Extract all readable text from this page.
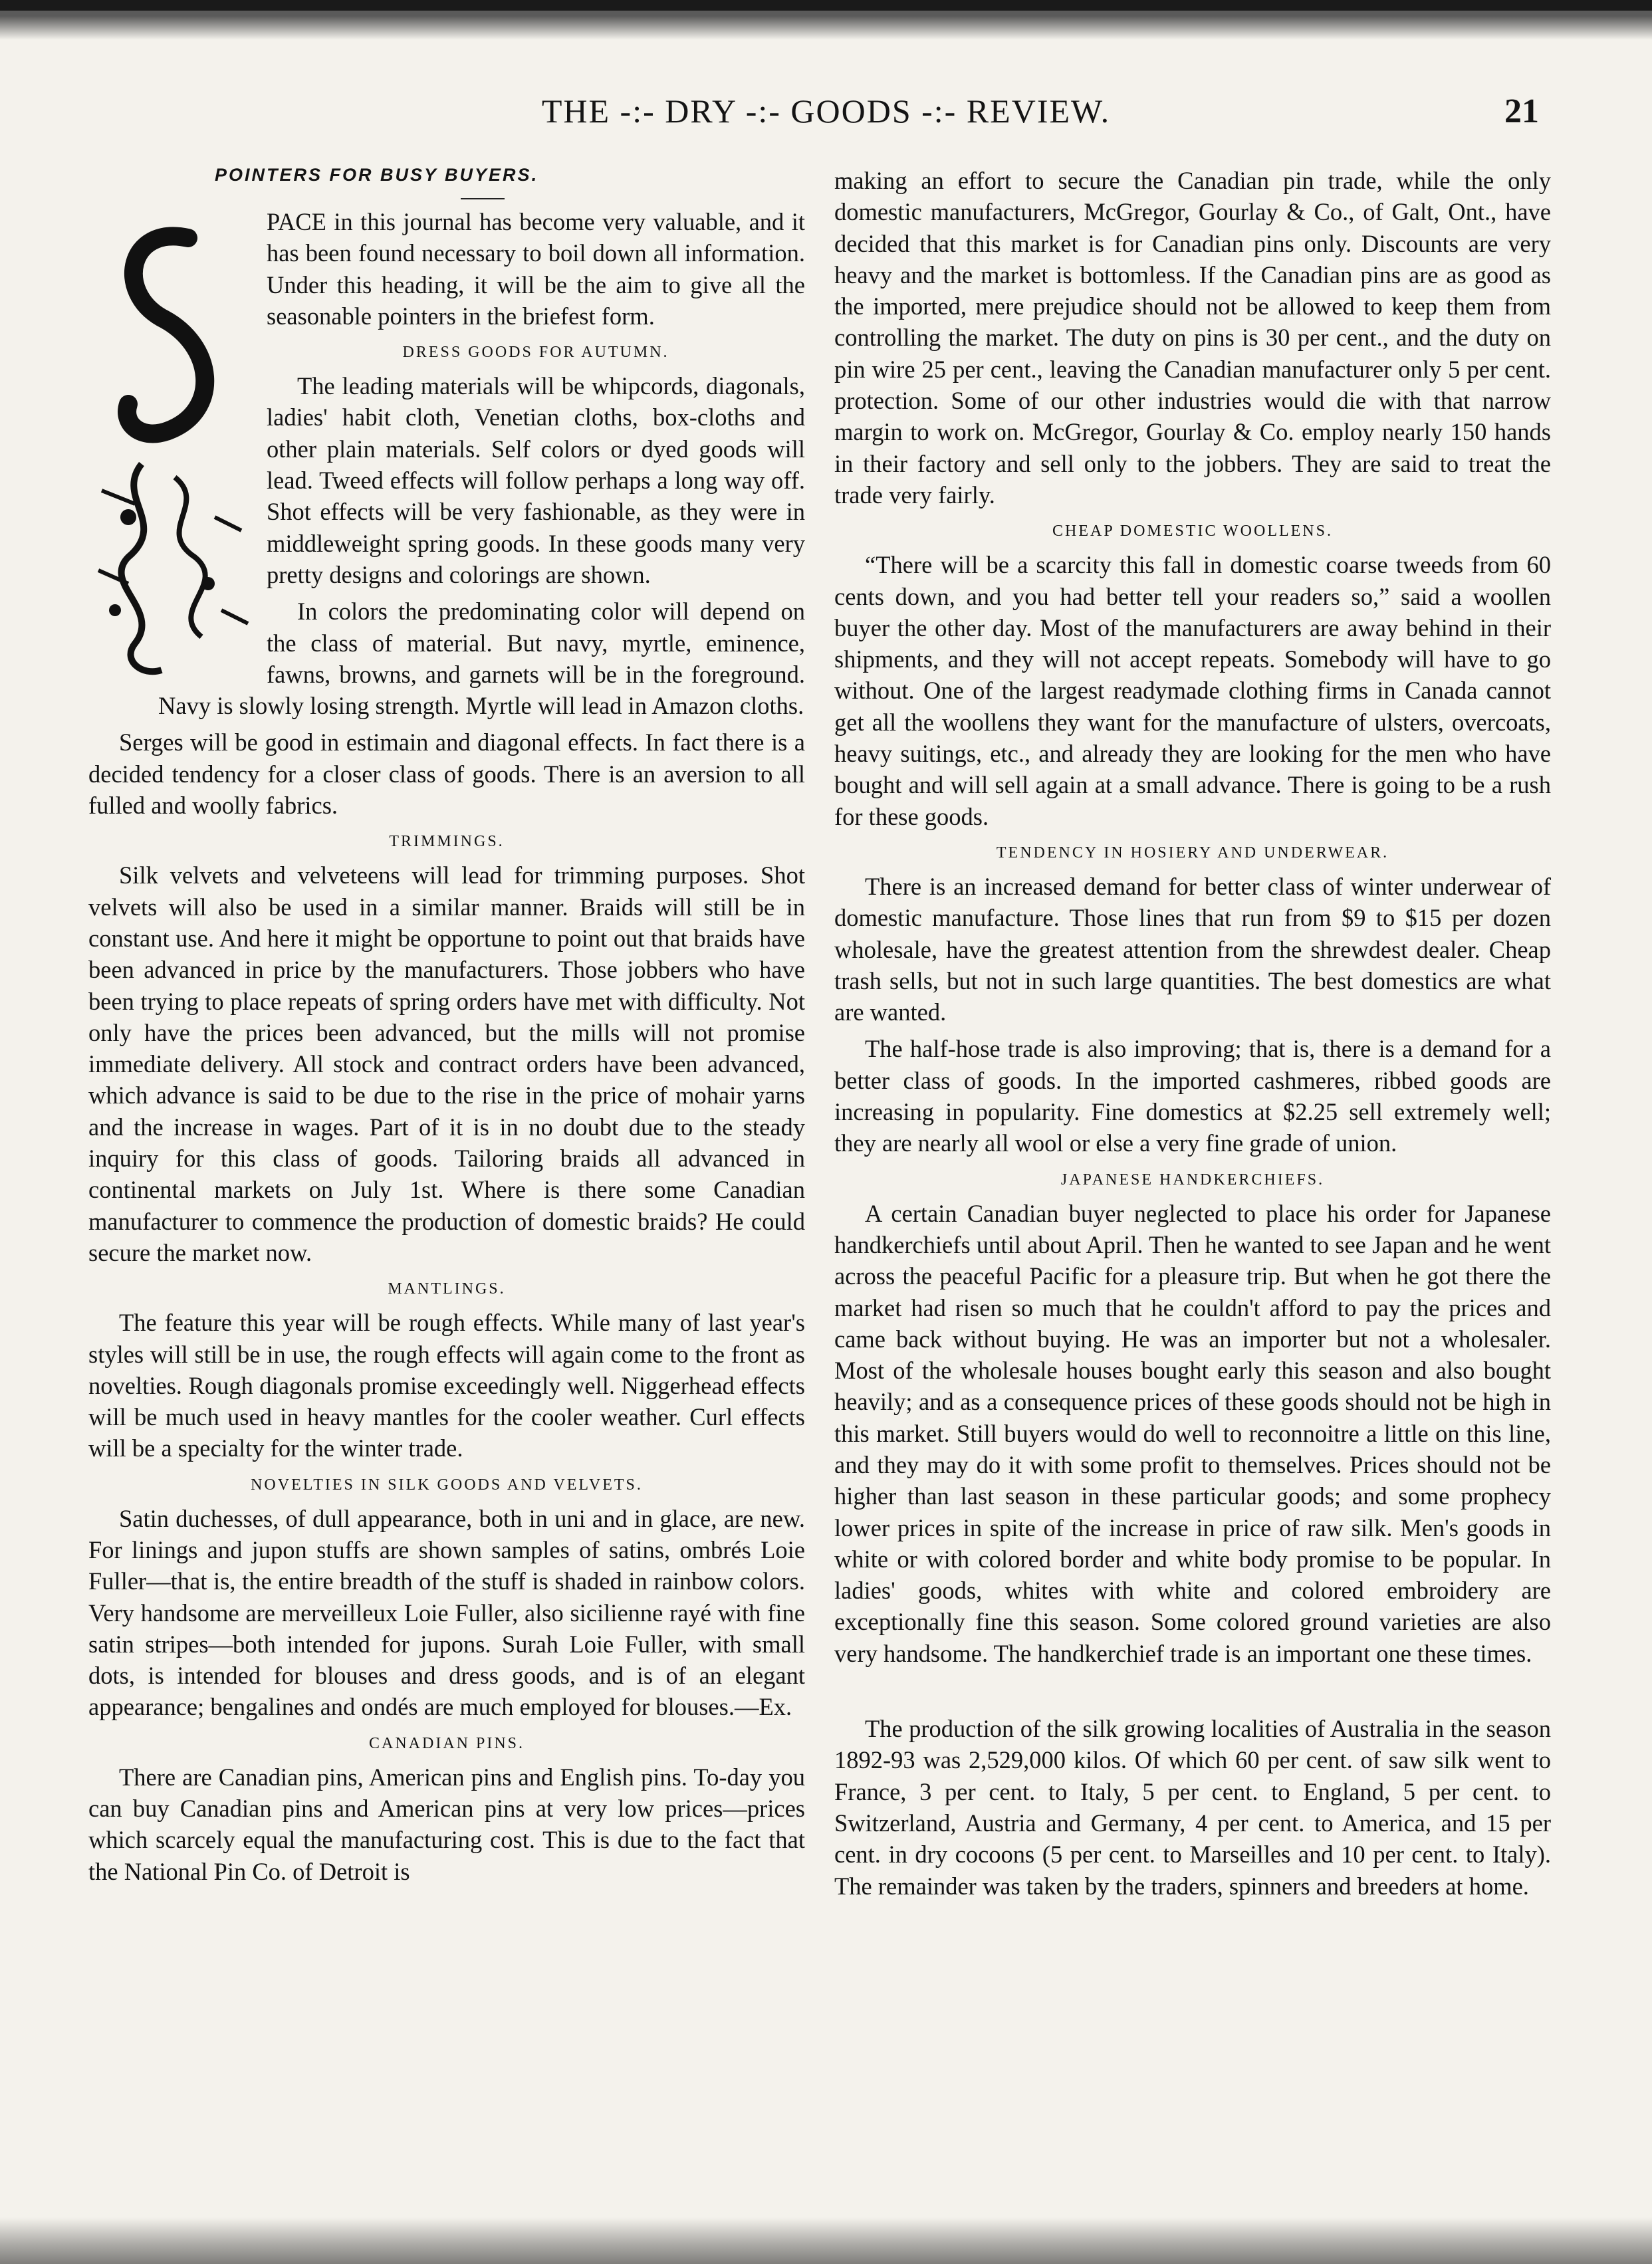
THE -:- DRY -:- GOODS -:- REVIEW.	21
POINTERS FOR BUSY BUYERS.

PACE in this journal has become very valuable, and it has been found necessary to boil down all information. Under this heading, it will be the aim to give all the seasonable pointers in the briefest form.

DRESS GOODS FOR AUTUMN.

The leading materials will be whipcords, diagonals, ladies' habit cloth, Venetian cloths, box-cloths and other plain materials. Self colors or dyed goods will lead. Tweed effects will follow perhaps a long way off. Shot effects will be very fashionable, as they were in middleweight spring goods. In these goods many very pretty designs and colorings are shown.

In colors the predominating color will depend on the class of material. But navy, myrtle, eminence, fawns, browns, and garnets will be in the foreground. Navy is slowly losing strength. Myrtle will lead in Amazon cloths.

Serges will be good in estimain and diagonal effects. In fact there is a decided tendency for a closer class of goods. There is an aversion to all fulled and woolly fabrics.

TRIMMINGS.

Silk velvets and velveteens will lead for trimming purposes. Shot velvets will also be used in a similar manner. Braids will still be in constant use. And here it might be opportune to point out that braids have been advanced in price by the manufacturers. Those jobbers who have been trying to place repeats of spring orders have met with difficulty. Not only have the prices been advanced, but the mills will not promise immediate delivery. All stock and contract orders have been advanced, which advance is said to be due to the rise in the price of mohair yarns and the increase in wages. Part of it is in no doubt due to the steady inquiry for this class of goods. Tailoring braids all advanced in continental markets on July 1st. Where is there some Canadian manufacturer to commence the production of domestic braids? He could secure the market now.

MANTLINGS.

The feature this year will be rough effects. While many of last year's styles will still be in use, the rough effects will again come to the front as novelties. Rough diagonals promise exceedingly well. Niggerhead effects will be much used in heavy mantles for the cooler weather. Curl effects will be a specialty for the winter trade.

NOVELTIES IN SILK GOODS AND VELVETS.

Satin duchesses, of dull appearance, both in uni and in glace, are new. For linings and jupon stuffs are shown samples of satins, ombrés Loie Fuller—that is, the entire breadth of the stuff is shaded in rainbow colors. Very handsome are merveilleux Loie Fuller, also sicilienne rayé with fine satin stripes—both intended for jupons. Surah Loie Fuller, with small dots, is intended for blouses and dress goods, and is of an elegant appearance; bengalines and ondés are much employed for blouses.—Ex.

CANADIAN PINS.

There are Canadian pins, American pins and English pins. To-day you can buy Canadian pins and American pins at very low prices—prices which scarcely equal the manufacturing cost. This is due to the fact that the National Pin Co. of Detroit is

making an effort to secure the Canadian pin trade, while the only domestic manufacturers, McGregor, Gourlay & Co., of Galt, Ont., have decided that this market is for Canadian pins only. Discounts are very heavy and the market is bottomless. If the Canadian pins are as good as the imported, mere prejudice should not be allowed to keep them from controlling the market. The duty on pins is 30 per cent., and the duty on pin wire 25 per cent., leaving the Canadian manufacturer only 5 per cent. protection. Some of our other industries would die with that narrow margin to work on. McGregor, Gourlay & Co. employ nearly 150 hands in their factory and sell only to the jobbers. They are said to treat the trade very fairly.

CHEAP DOMESTIC WOOLLENS.

“There will be a scarcity this fall in domestic coarse tweeds from 60 cents down, and you had better tell your readers so,” said a woollen buyer the other day. Most of the manufacturers are away behind in their shipments, and they will not accept repeats. Somebody will have to go without. One of the largest readymade clothing firms in Canada cannot get all the woollens they want for the manufacture of ulsters, overcoats, heavy suitings, etc., and already they are looking for the men who have bought and will sell again at a small advance. There is going to be a rush for these goods.

TENDENCY IN HOSIERY AND UNDERWEAR.

There is an increased demand for better class of winter underwear of domestic manufacture. Those lines that run from $9 to $15 per dozen wholesale, have the greatest attention from the shrewdest dealer. Cheap trash sells, but not in such large quantities. The best domestics are what are wanted.

The half-hose trade is also improving; that is, there is a demand for a better class of goods. In the imported cashmeres, ribbed goods are increasing in popularity. Fine domestics at $2.25 sell extremely well; they are nearly all wool or else a very fine grade of union.

JAPANESE HANDKERCHIEFS.

A certain Canadian buyer neglected to place his order for Japanese handkerchiefs until about April. Then he wanted to see Japan and he went across the peaceful Pacific for a pleasure trip. But when he got there the market had risen so much that he couldn't afford to pay the prices and came back without buying. He was an importer but not a wholesaler. Most of the wholesale houses bought early this season and also bought heavily; and as a consequence prices of these goods should not be high in this market. Still buyers would do well to reconnoitre a little on this line, and they may do it with some profit to themselves. Prices should not be higher than last season in these particular goods; and some prophecy lower prices in spite of the increase in price of raw silk. Men's goods in white or with colored border and white body promise to be popular. In ladies' goods, whites with white and colored embroidery are exceptionally fine this season. Some colored ground varieties are also very handsome. The handkerchief trade is an important one these times.

The production of the silk growing localities of Australia in the season 1892-93 was 2,529,000 kilos. Of which 60 per cent. of saw silk went to France, 3 per cent. to Italy, 5 per cent. to England, 5 per cent. to Switzerland, Austria and Germany, 4 per cent. to America, and 15 per cent. in dry cocoons (5 per cent. to Marseilles and 10 per cent. to Italy). The remainder was taken by the traders, spinners and breeders at home.
